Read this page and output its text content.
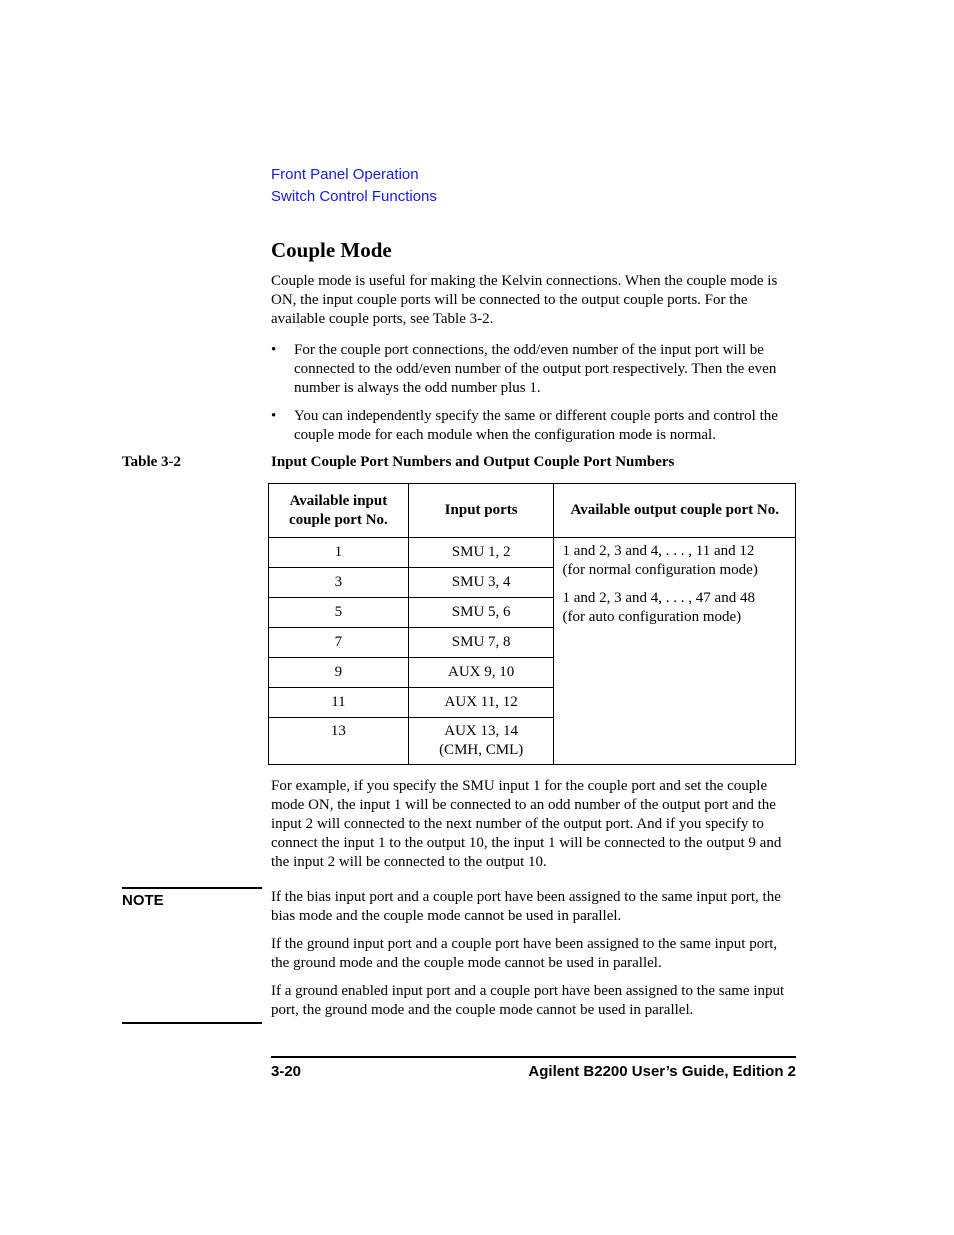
Front Panel Operation
Switch Control Functions
Couple Mode

Couple mode is useful for making the Kelvin connections. When the couple mode is ON, the input couple ports will be connected to the output couple ports. For the available couple ports, see Table 3-2.

• For the couple port connections, the odd/even number of the input port will be connected to the odd/even number of the output port respectively. Then the even number is always the odd number plus 1.
• You can independently specify the same or different couple ports and control the couple mode for each module when the configuration mode is normal.
Table 3-2	Input Couple Port Numbers and Output Couple Port Numbers
Available input couple port No.	Input ports	Available output couple port No.
1	SMU 1, 2	1 and 2, 3 and 4, . . . , 11 and 12
(for normal configuration mode)
1 and 2, 3 and 4, . . . , 47 and 48
(for auto configuration mode)

3	SMU 3, 4	
5	SMU 5, 6	
7	SMU 7, 8	
9	AUX 9, 10	
11	AUX 11, 12	
13	AUX 13, 14
(CMH, CML)	

For example, if you specify the SMU input 1 for the couple port and set the couple mode ON, the input 1 will be connected to an odd number of the output port and the input 2 will connected to the next number of the output port. And if you specify to connect the input 1 to the output 10, the input 1 will be connected to the output 9 and the input 2 will be connected to the output 10.

NOTE	If the bias input port and a couple port have been assigned to the same input port, the bias mode and the couple mode cannot be used in parallel.

If the ground input port and a couple port have been assigned to the same input port, the ground mode and the couple mode cannot be used in parallel.

If a ground enabled input port and a couple port have been assigned to the same input port, the ground mode and the couple mode cannot be used in parallel.

3-20	Agilent B2200 User’s Guide, Edition 2
